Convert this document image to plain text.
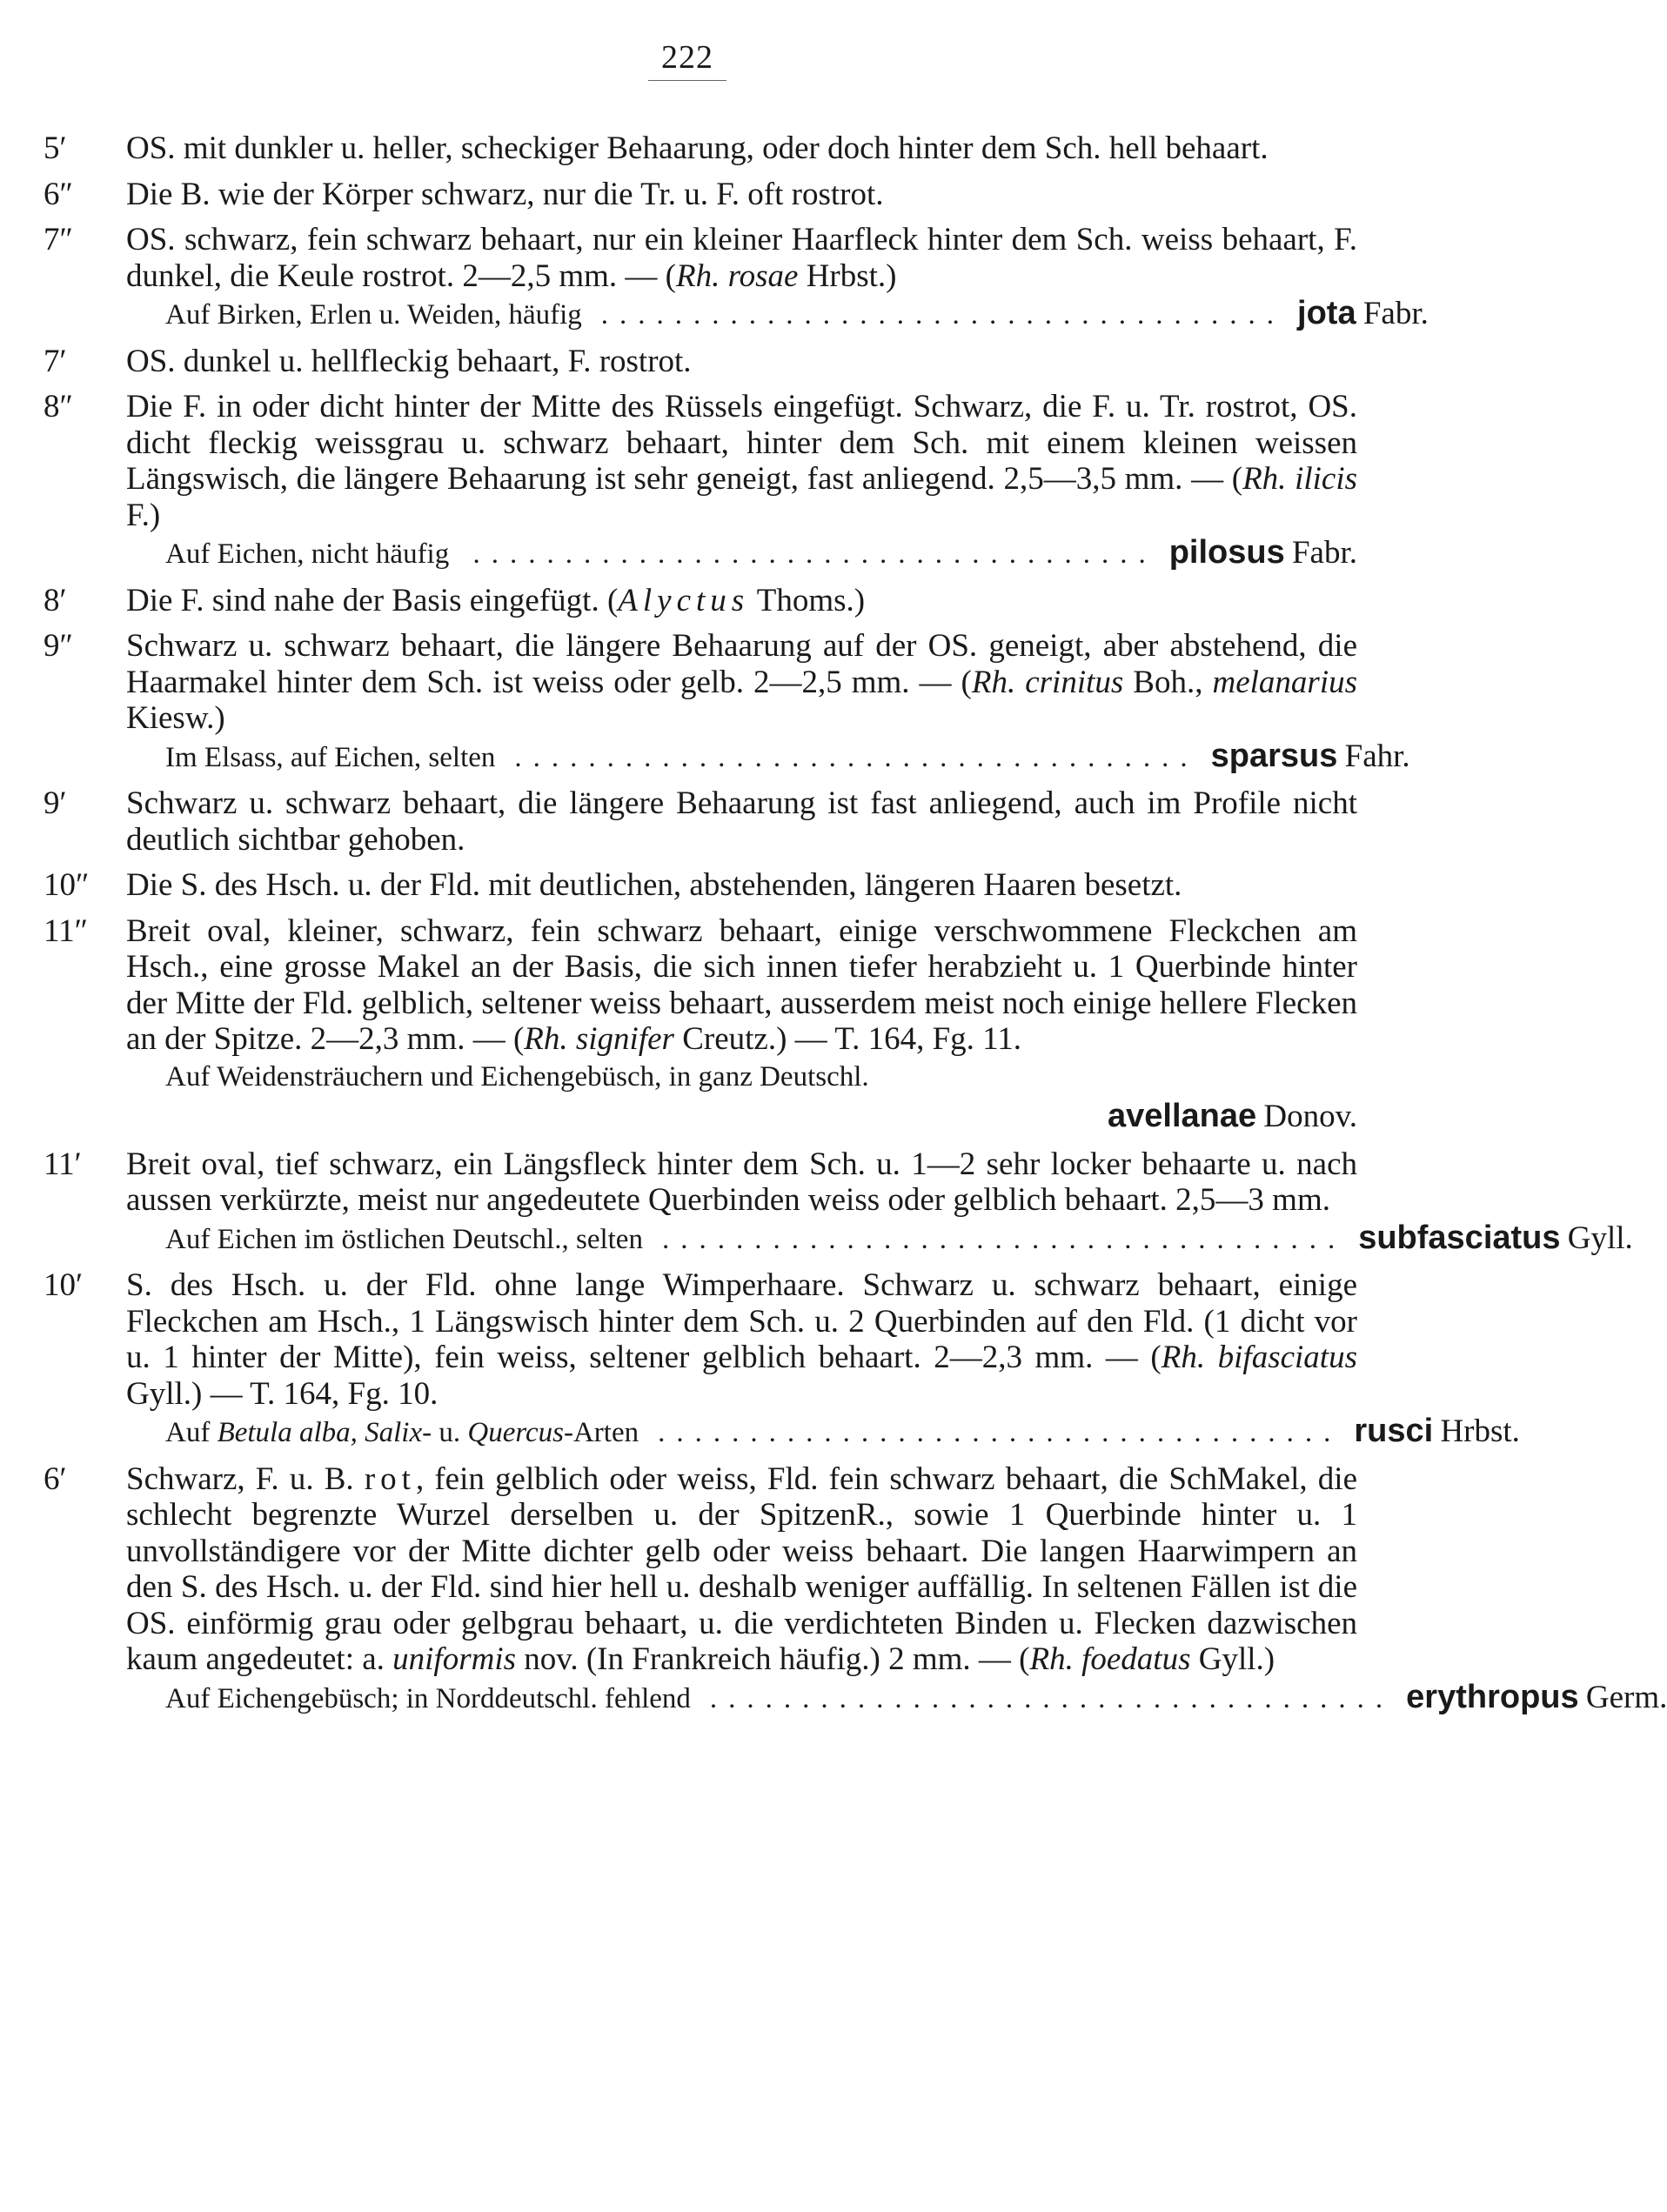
222
5′ OS. mit dunkler u. heller, scheckiger Behaarung, oder doch hinter dem Sch. hell behaart.
6″ Die B. wie der Körper schwarz, nur die Tr. u. F. oft rostrot.
7″ OS. schwarz, fein schwarz behaart, nur ein kleiner Haarfleck hinter dem Sch. weiss behaart, F. dunkel, die Keule rostrot. 2—2,5 mm. — (Rh. rosae Hrbst.)
Auf Birken, Erlen u. Weiden, häufig ..................................... jota Fabr.
7′ OS. dunkel u. hellfleckig behaart, F. rostrot.
8″ Die F. in oder dicht hinter der Mitte des Rüssels eingefügt. Schwarz, die F. u. Tr. rostrot, OS. dicht fleckig weissgrau u. schwarz behaart, hinter dem Sch. mit einem kleinen weissen Längswisch, die längere Behaarung ist sehr geneigt, fast anliegend. 2,5—3,5 mm. — (Rh. ilicis F.)
Auf Eichen, nicht häufig ..................................... pilosus Fabr.
8′ Die F. sind nahe der Basis eingefügt. (Alyctus Thoms.)
9″ Schwarz u. schwarz behaart, die längere Behaarung auf der OS. geneigt, aber abstehend, die Haarmakel hinter dem Sch. ist weiss oder gelb. 2—2,5 mm. — (Rh. crinitus Boh., melanarius Kiesw.)
Im Elsass, auf Eichen, selten ..................................... sparsus Fahr.
9′ Schwarz u. schwarz behaart, die längere Behaarung ist fast anliegend, auch im Profile nicht deutlich sichtbar gehoben.
10″ Die S. des Hsch. u. der Fld. mit deutlichen, abstehenden, längeren Haaren besetzt.
11″ Breit oval, kleiner, schwarz, fein schwarz behaart, einige verschwommene Fleckchen am Hsch., eine grosse Makel an der Basis, die sich innen tiefer herabzieht u. 1 Querbinde hinter der Mitte der Fld. gelblich, seltener weiss behaart, ausserdem meist noch einige hellere Flecken an der Spitze. 2—2,3 mm. — (Rh. signifer Creutz.) — T. 164, Fg. 11.
Auf Weidensträuchern und Eichengebüsch, in ganz Deutschl.
avellanae Donov.
11′ Breit oval, tief schwarz, ein Längsfleck hinter dem Sch. u. 1—2 sehr locker behaarte u. nach aussen verkürzte, meist nur angedeutete Querbinden weiss oder gelblich behaart. 2,5—3 mm.
Auf Eichen im östlichen Deutschl., selten ..................................... subfasciatus Gyll.
10′ S. des Hsch. u. der Fld. ohne lange Wimperhaare. Schwarz u. schwarz behaart, einige Fleckchen am Hsch., 1 Längswisch hinter dem Sch. u. 2 Querbinden auf den Fld. (1 dicht vor u. 1 hinter der Mitte), fein weiss, seltener gelblich behaart. 2—2,3 mm. — (Rh. bifasciatus Gyll.) — T. 164, Fg. 10.
Auf Betula alba, Salix- u. Quercus-Arten ..................................... rusci Hrbst.
6′ Schwarz, F. u. B. rot, fein gelblich oder weiss, Fld. fein schwarz behaart, die SchMakel, die schlecht begrenzte Wurzel derselben u. der SpitzenR., sowie 1 Querbinde hinter u. 1 unvollständigere vor der Mitte dichter gelb oder weiss behaart. Die langen Haarwimpern an den S. des Hsch. u. der Fld. sind hier hell u. deshalb weniger auffällig. In seltenen Fällen ist die OS. einförmig grau oder gelbgrau behaart, u. die verdichteten Binden u. Flecken dazwischen kaum angedeutet: a. uniformis nov. (In Frankreich häufig.) 2 mm. — (Rh. foedatus Gyll.)
Auf Eichengebüsch; in Norddeutschl. fehlend ..................................... erythropus Germ.
